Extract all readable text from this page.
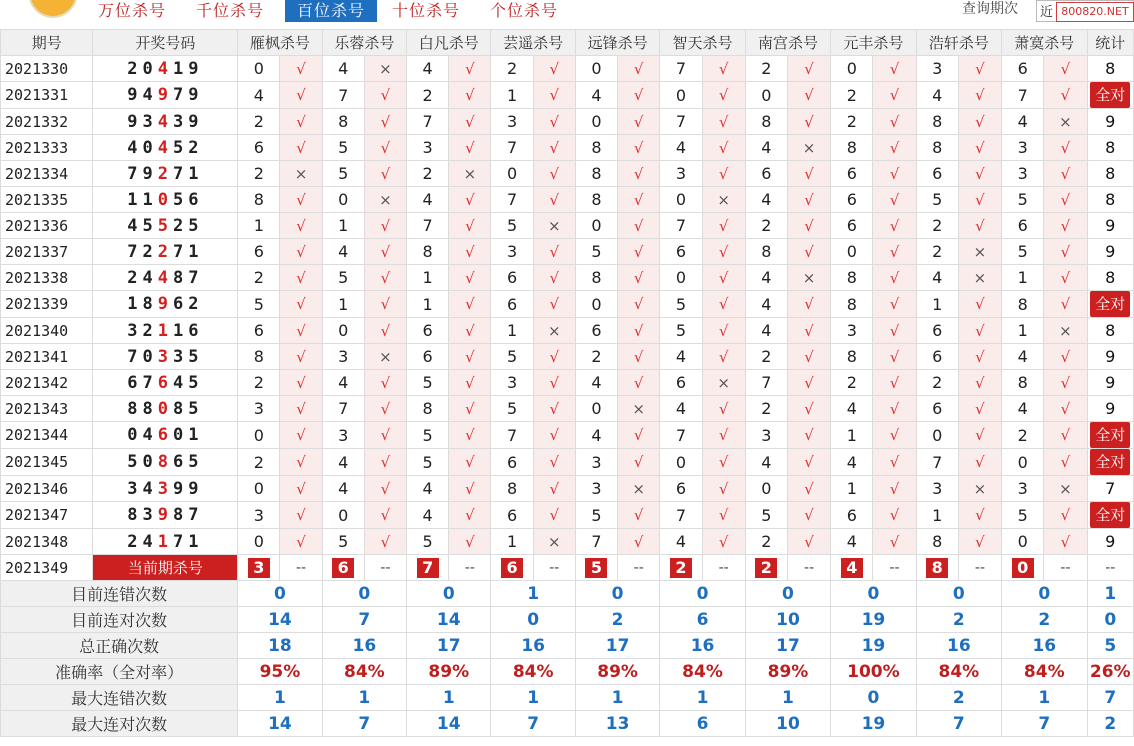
万位杀号 千位杀号	百位杀号	十位杀号 个位杀号	查询期次	近 800820.NET
期号	开奖号码	雁枫杀号		乐蓉杀号		白凡杀号		芸遥杀号		远锋杀号		智天杀号		南宫杀号		元丰杀号		浩轩杀号		萧寞杀号		统计
2021330	20419	0	√	4	×	4	√	2	√	0	√	7	√	2	√	0	√	3	√	6	√	8
2021331	94979	4	√	7	√	2	√	1	√	4	√	0	√	0	√	2	√	4	√	7	√	全对
2021332	93439	2	√	8	√	7	√	3	√	0	√	7	√	8	√	2	√	8	√	4	×	9
2021333	40452	6	√	5	√	3	√	7	√	8	√	4	√	4	×	8	√	8	√	3	√	8
2021334	79271	2	×	5	√	2	×	0	√	8	√	3	√	6	√	6	√	6	√	3	√	8
2021335	11056	8	√	0	×	4	√	7	√	8	√	0	×	4	√	6	√	5	√	5	√	8
2021336	45525	1	√	1	√	7	√	5	×	0	√	7	√	2	√	6	√	2	√	6	√	9
2021337	72271	6	√	4	√	8	√	3	√	5	√	6	√	8	√	0	√	2	×	5	√	9
2021338	24487	2	√	5	√	1	√	6	√	8	√	0	√	4	×	8	√	4	×	1	√	8
2021339	18962	5	√	1	√	1	√	6	√	0	√	5	√	4	√	8	√	1	√	8	√	全对
2021340	32116	6	√	0	√	6	√	1	×	6	√	5	√	4	√	3	√	6	√	1	×	8
2021341	70335	8	√	3	×	6	√	5	√	2	√	4	√	2	√	8	√	6	√	4	√	9
2021342	67645	2	√	4	√	5	√	3	√	4	√	6	×	7	√	2	√	2	√	8	√	9
2021343	88085	3	√	7	√	8	√	5	√	0	×	4	√	2	√	4	√	6	√	4	√	9
2021344	04601	0	√	3	√	5	√	7	√	4	√	7	√	3	√	1	√	0	√	2	√	全对
2021345	50865	2	√	4	√	5	√	6	√	3	√	0	√	4	√	4	√	7	√	0	√	全对
2021346	34399	0	√	4	√	4	√	8	√	3	×	6	√	0	√	1	√	3	×	3	×	7
2021347	83987	3	√	0	√	4	√	6	√	5	√	7	√	5	√	6	√	1	√	5	√	全对
2021348	24171	0	√	5	√	5	√	1	×	7	√	4	√	2	√	4	√	8	√	0	√	9
2021349	当前期杀号	3	--	6	--	7	--	6	--	5	--	2	--	2	--	4	--	8	--	0	--	--
目前连错次数		0		0		0		1		0		0		0		0		0		0		1
目前连对次数		14		7		14		0		2		6		10		19		2		2		0
总正确次数		18		16		17		16		17		16		17		19		16		16		5
准确率（全对率）		95%		84%		89%		84%		89%		84%		89%		100%		84%		84%		26%
最大连错次数		1		1		1		1		1		1		1		0		2		1		7
最大连对次数		14		7		14		7		13		6		10		19		7		7		2
